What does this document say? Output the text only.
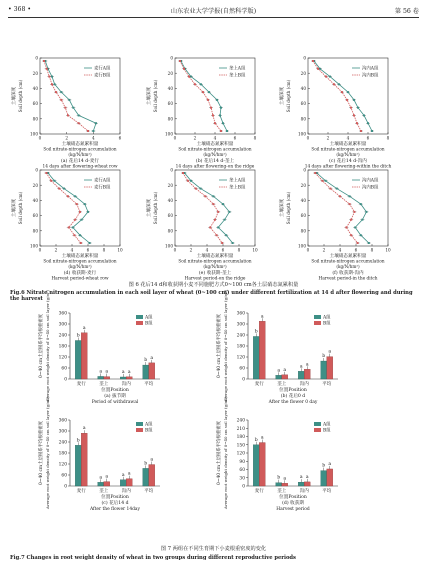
• 368 •	山东农业大学学报(自然科学版)	第 56 卷
0
20
40
60
80
100
0	2	4	6
土壤深度 Soil depth (cm)
麦行A组
麦行B组
土壤硝态氮累积量
Soil nitrate-nitrogen accumulation
(kg/N/hm²)
(a) 花后14 d-麦行
14 days after flowering-wheat row
0
20
40
60
80
100
0	2	4	6	8
土壤深度 Soil depth (cm)
垄上A组
垄上B组
土壤硝态氮累积量
Soil nitrate-nitrogen accumulation
(kg/N/hm²)
(b) 花后14 d-垄上
14 days after flowering-on the ridge
0
20
40
60
80
100
0	2	4	6	8
土壤深度 Soil depth (cm)
沟内A组
沟内B组
土壤硝态氮累积量
Soil nitrate-nitrogen accumulation
(kg/N/hm²)
(c) 花后14 d-沟内
14 days after flowering-within the ditch
0
20
40
60
80
100
0	2	4	6	8	10
土壤深度 Soil depth (cm)
麦行A组
麦行B组
土壤硝态氮累积量
Soil nitrate-nitrogen accumulation
(kg/N/hm²)
(d) 收获期-麦行
Harvest period-wheat row
0
20
40
60
80
100
0	2	4	6	8	10
土壤深度 Soil depth (cm)
垄上A组
垄上B组
土壤硝态氮累积量
Soil nitrate-nitrogen accumulation
(kg/N/hm²)
(e) 收获期-垄上
Harvest period-on the ridge
0
20
40
60
80
100
0	2	4	6	8	10
土壤深度 Soil depth (cm)
沟内A组
沟内B组
土壤硝态氮累积量
Soil nitrate-nitrogen accumulation
(kg/N/hm²)
(f) 收获期-沟内
Harvest period-in the ditch
图 6 花后14 d和收获期小麦不同施肥方式0~100 cm各土层硝态氮累积量
Fig.6 Nitrate nitrogen accumulation in each soil layer of wheat (0~100 cm) under different fertilization at 14 d after flowering and during the harvest
0
60
120
180
240
300
360
0~40 cm土层根系平均根重密度 Average root weight density of 0~40 cm soil layer (g/m³)	b
a
麦行
a a
垄上
a a
沟内
b a
平均
A组
B组
位置Position
(a) 拔节期
Period of withdrawal
0
60
120
180
240
300
360
0~40 cm土层根系平均根重密度 Average root weight density of 0~40 cm soil layer (g/m³)	b
a
麦行
a a
垄上
a a
沟内
b
a
平均
A组
B组
位置Position
(b) 花后0 d
After the flower 0 day
0
60
120
180
240
300
360
0~40 cm土层根系平均根重密度 Average root weight density of 0~40 cm soil layer (g/m³)	b
a
麦行
a a
垄上
a a
沟内
b
a
平均
A组
B组
位置Position
(c) 花后14 d
After the flower 14day
0
30
60
90
120
150
180
210
240
0~40 cm土层根系平均根重密度 Average root weight density of 0~40 cm soil layer (g/m³)	b a
麦行
b a
垄上
a a
沟内
b a
平均
A组
B组
位置Position
(d) 收获期
Harvest period
图 7 两组在不同生育期下小麦根重密度的变化
Fig.7 Changes in root weight density of wheat in two groups during different reproductive periods
